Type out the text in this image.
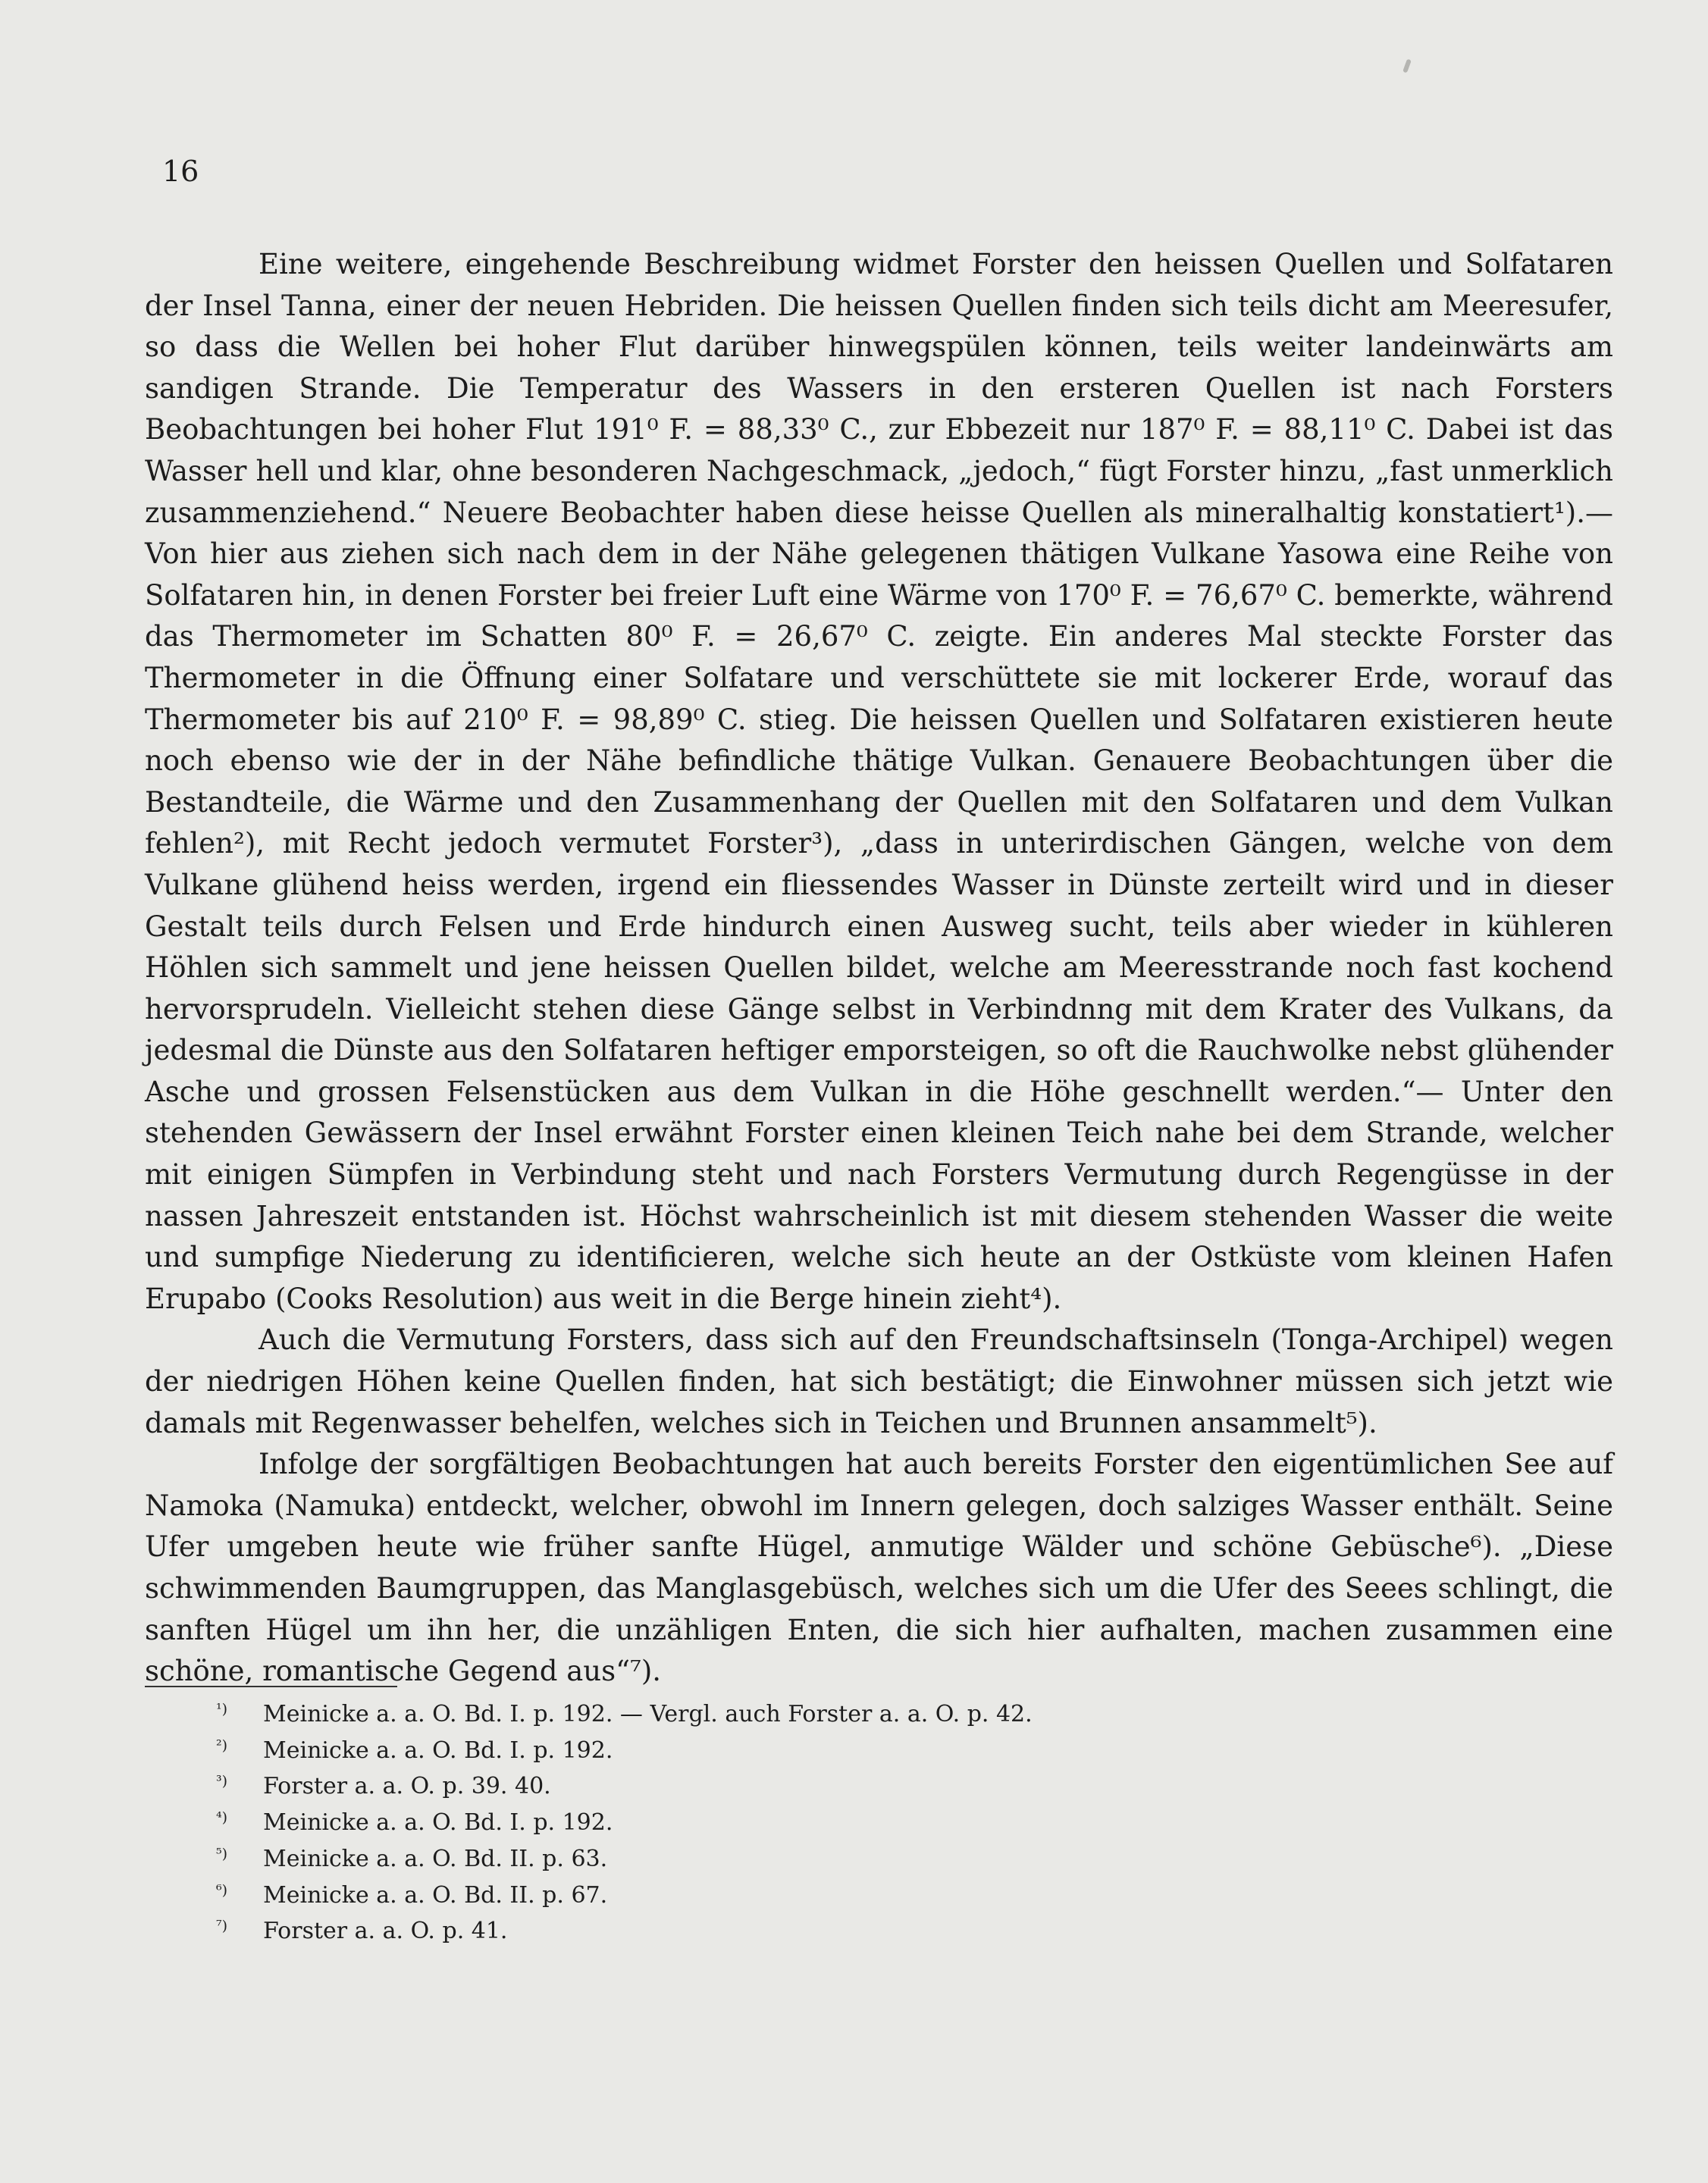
16

Eine weitere, eingehende Beschreibung widmet Forster den heissen Quellen und Solfataren der Insel Tanna, einer der neuen Hebriden. Die heissen Quellen finden sich teils dicht am Meeresufer, so dass die Wellen bei hoher Flut darüber hinwegspülen können, teils weiter landeinwärts am sandigen Strande. Die Temperatur des Wassers in den ersteren Quellen ist nach Forsters Beobachtungen bei hoher Flut 191⁰ F. = 88,33⁰ C., zur Ebbezeit nur 187⁰ F. = 88,11⁰ C. Dabei ist das Wasser hell und klar, ohne besonderen Nachgeschmack, „jedoch,“ fügt Forster hinzu, „fast unmerklich zusammenziehend.“ Neuere Beobachter haben diese heisse Quellen als mineralhaltig konstatiert¹).—Von hier aus ziehen sich nach dem in der Nähe gelegenen thätigen Vulkane Yasowa eine Reihe von Solfataren hin, in denen Forster bei freier Luft eine Wärme von 170⁰ F. = 76,67⁰ C. bemerkte, während das Thermometer im Schatten 80⁰ F. = 26,67⁰ C. zeigte. Ein anderes Mal steckte Forster das Thermometer in die Öffnung einer Solfatare und verschüttete sie mit lockerer Erde, worauf das Thermometer bis auf 210⁰ F. = 98,89⁰ C. stieg. Die heissen Quellen und Solfataren existieren heute noch ebenso wie der in der Nähe befindliche thätige Vulkan. Genauere Beobachtungen über die Bestandteile, die Wärme und den Zusammenhang der Quellen mit den Solfataren und dem Vulkan fehlen²), mit Recht jedoch vermutet Forster³), „dass in unterirdischen Gängen, welche von dem Vulkane glühend heiss werden, irgend ein fliessendes Wasser in Dünste zerteilt wird und in dieser Gestalt teils durch Felsen und Erde hindurch einen Ausweg sucht, teils aber wieder in kühleren Höhlen sich sammelt und jene heissen Quellen bildet, welche am Meeresstrande noch fast kochend hervorsprudeln. Vielleicht stehen diese Gänge selbst in Verbindnng mit dem Krater des Vulkans, da jedesmal die Dünste aus den Solfataren heftiger emporsteigen, so oft die Rauchwolke nebst glühender Asche und grossen Felsenstücken aus dem Vulkan in die Höhe geschnellt werden.“— Unter den stehenden Gewässern der Insel erwähnt Forster einen kleinen Teich nahe bei dem Strande, welcher mit einigen Sümpfen in Verbindung steht und nach Forsters Vermutung durch Regengüsse in der nassen Jahreszeit entstanden ist. Höchst wahrscheinlich ist mit diesem stehenden Wasser die weite und sumpfige Niederung zu identificieren, welche sich heute an der Ostküste vom kleinen Hafen Erupabo (Cooks Resolution) aus weit in die Berge hinein zieht⁴).

Auch die Vermutung Forsters, dass sich auf den Freundschaftsinseln (Tonga-Archipel) wegen der niedrigen Höhen keine Quellen finden, hat sich bestätigt; die Einwohner müssen sich jetzt wie damals mit Regenwasser behelfen, welches sich in Teichen und Brunnen ansammelt⁵).

Infolge der sorgfältigen Beobachtungen hat auch bereits Forster den eigentümlichen See auf Namoka (Namuka) entdeckt, welcher, obwohl im Innern gelegen, doch salziges Wasser enthält. Seine Ufer umgeben heute wie früher sanfte Hügel, anmutige Wälder und schöne Gebüsche⁶). „Diese schwimmenden Baumgruppen, das Manglasgebüsch, welches sich um die Ufer des Seees schlingt, die sanften Hügel um ihn her, die unzähligen Enten, die sich hier aufhalten, machen zusammen eine schöne, romantische Gegend aus“⁷).

¹)	Meinicke a. a. O. Bd. I. p. 192. — Vergl. auch Forster a. a. O. p. 42.
²)	Meinicke a. a. O. Bd. I. p. 192.
³)	Forster a. a. O. p. 39. 40.
⁴)	Meinicke a. a. O. Bd. I. p. 192.
⁵)	Meinicke a. a. O. Bd. II. p. 63.
⁶)	Meinicke a. a. O. Bd. II. p. 67.
⁷)	Forster a. a. O. p. 41.
